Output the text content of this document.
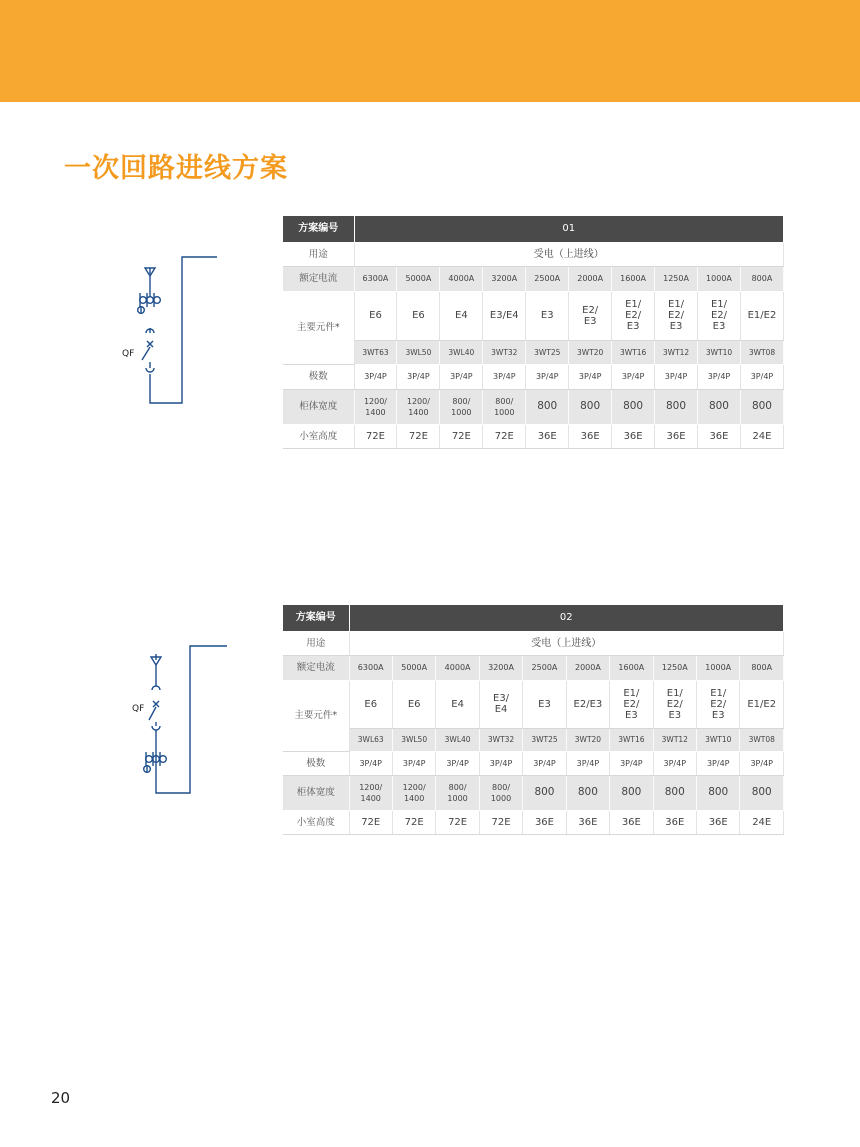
一次回路进线方案
QF
QF
方案编号	01									
用途	受电（上进线）									
额定电流	6300A	5000A	4000A	3200A	2500A	2000A	1600A	1250A	1000A	800A
主要元件*	E6	E6	E4	E3/E4	E3	E2/
E3	E1/
E2/
E3	E1/
E2/
E3	E1/
E2/
E3	E1/E2
	3WT63	3WL50	3WL40	3WT32	3WT25	3WT20	3WT16	3WT12	3WT10	3WT08
极数	3P/4P	3P/4P	3P/4P	3P/4P	3P/4P	3P/4P	3P/4P	3P/4P	3P/4P	3P/4P
柜体宽度	1200/
1400	1200/
1400	800/
1000	800/
1000	800	800	800	800	800	800
小室高度	72E	72E	72E	72E	36E	36E	36E	36E	36E	24E
方案编号	02									
用途	受电（上进线）									
额定电流	6300A	5000A	4000A	3200A	2500A	2000A	1600A	1250A	1000A	800A
主要元件*	E6	E6	E4	E3/
E4	E3	E2/E3	E1/
E2/
E3	E1/
E2/
E3	E1/
E2/
E3	E1/E2
	3WL63	3WL50	3WL40	3WT32	3WT25	3WT20	3WT16	3WT12	3WT10	3WT08
极数	3P/4P	3P/4P	3P/4P	3P/4P	3P/4P	3P/4P	3P/4P	3P/4P	3P/4P	3P/4P
柜体宽度	1200/
1400	1200/
1400	800/
1000	800/
1000	800	800	800	800	800	800
小室高度	72E	72E	72E	72E	36E	36E	36E	36E	36E	24E
20
